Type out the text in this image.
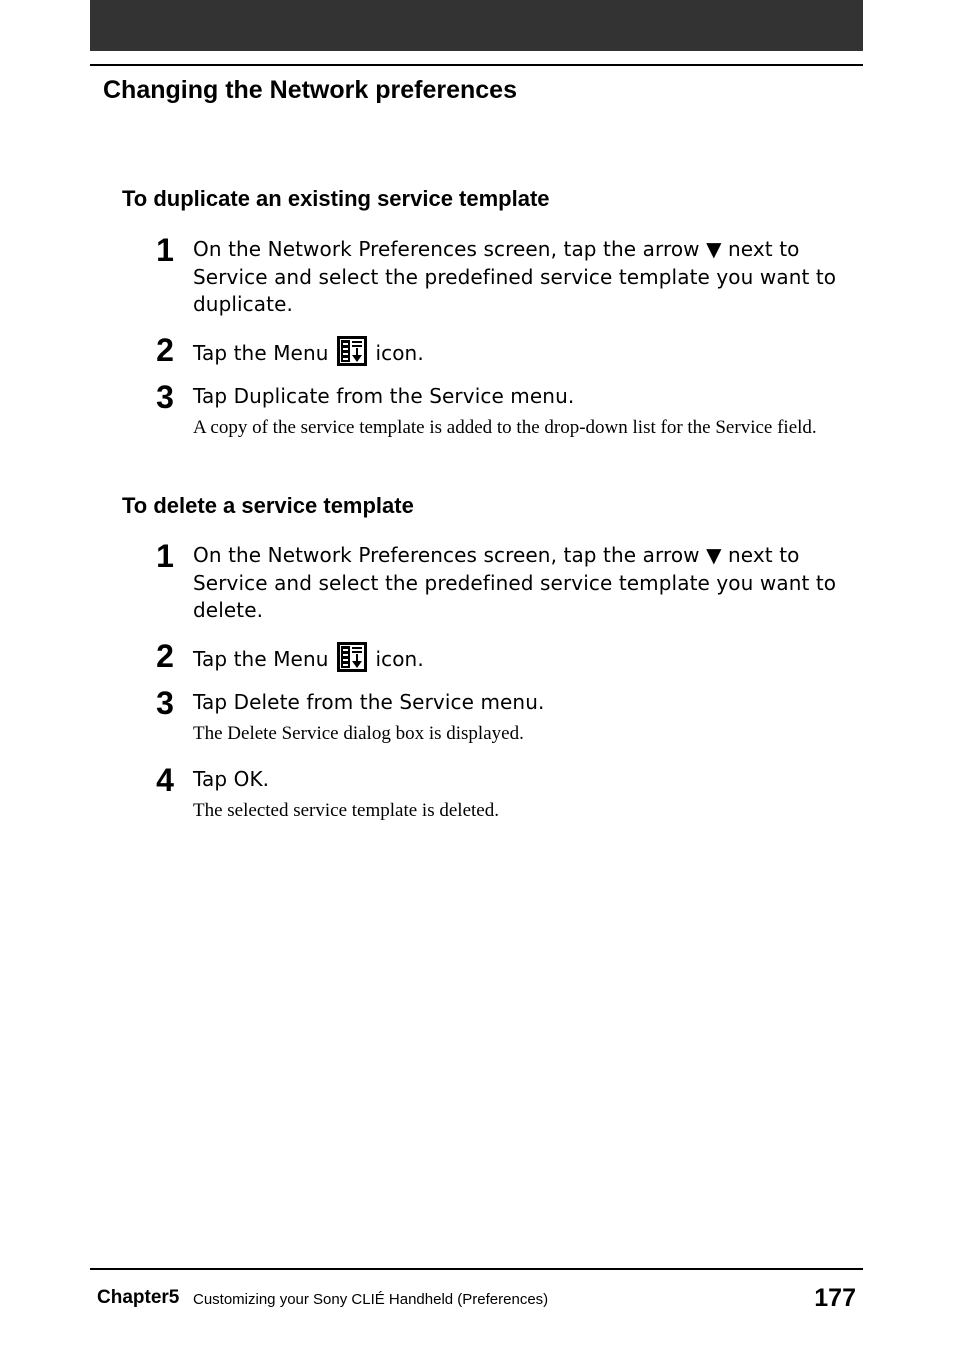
Changing the Network preferences
To duplicate an existing service template
1 On the Network Preferences screen, tap the arrow ▼ next to Service and select the predefined service template you want to duplicate.
2 Tap the Menu icon.
3 Tap Duplicate from the Service menu.
A copy of the service template is added to the drop-down list for the Service field.
To delete a service template
1 On the Network Preferences screen, tap the arrow ▼ next to Service and select the predefined service template you want to delete.
2 Tap the Menu icon.
3 Tap Delete from the Service menu.
The Delete Service dialog box is displayed.
4 Tap OK.
The selected service template is deleted.
Chapter5 Customizing your Sony CLIÉ Handheld (Preferences)	177
